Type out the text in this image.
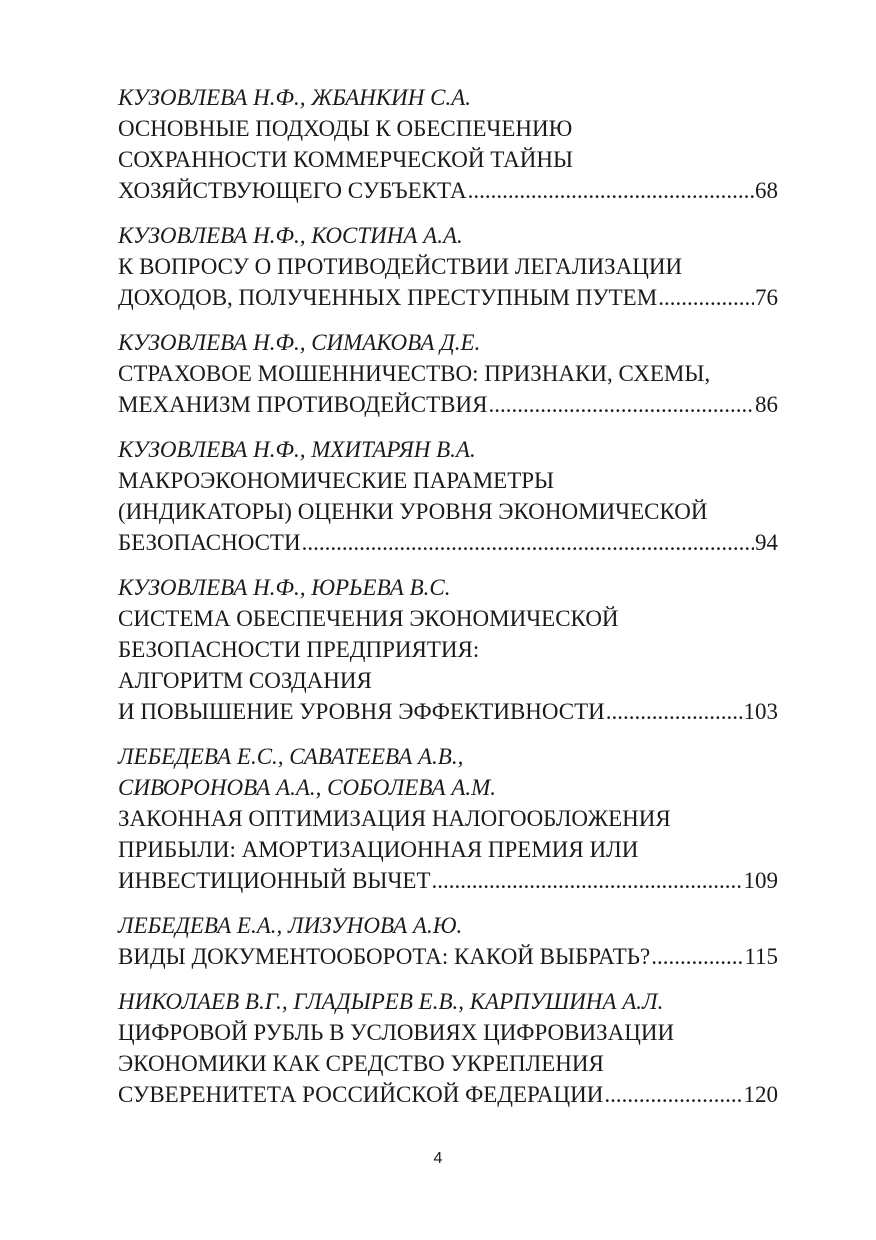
КУЗОВЛЕВА Н.Ф., ЖБАНКИН С.А.
ОСНОВНЫЕ ПОДХОДЫ К ОБЕСПЕЧЕНИЮ
СОХРАННОСТИ КОММЕРЧЕСКОЙ ТАЙНЫ
ХОЗЯЙСТВУЮЩЕГО СУБЪЕКТА .....	68
КУЗОВЛЕВА Н.Ф., КОСТИНА А.А.
К ВОПРОСУ О ПРОТИВОДЕЙСТВИИ ЛЕГАЛИЗАЦИИ
ДОХОДОВ, ПОЛУЧЕННЫХ ПРЕСТУПНЫМ ПУТЕМ .....	76
КУЗОВЛЕВА Н.Ф., СИМАКОВА Д.Е.
СТРАХОВОЕ МОШЕННИЧЕСТВО: ПРИЗНАКИ, СХЕМЫ,
МЕХАНИЗМ ПРОТИВОДЕЙСТВИЯ .....	86
КУЗОВЛЕВА Н.Ф., МХИТАРЯН В.А.
МАКРОЭКОНОМИЧЕСКИЕ ПАРАМЕТРЫ
(ИНДИКАТОРЫ) ОЦЕНКИ УРОВНЯ ЭКОНОМИЧЕСКОЙ
БЕЗОПАСНОСТИ .....	94
КУЗОВЛЕВА Н.Ф., ЮРЬЕВА В.С.
СИСТЕМА ОБЕСПЕЧЕНИЯ ЭКОНОМИЧЕСКОЙ
БЕЗОПАСНОСТИ ПРЕДПРИЯТИЯ:
АЛГОРИТМ СОЗДАНИЯ
И ПОВЫШЕНИЕ УРОВНЯ ЭФФЕКТИВНОСТИ .....	103
ЛЕБЕДЕВА Е.С., САВАТЕЕВА А.В.,
СИВОРОНОВА А.А., СОБОЛЕВА А.М.
ЗАКОННАЯ ОПТИМИЗАЦИЯ НАЛОГООБЛОЖЕНИЯ
ПРИБЫЛИ: АМОРТИЗАЦИОННАЯ ПРЕМИЯ ИЛИ
ИНВЕСТИЦИОННЫЙ ВЫЧЕТ .....	109
ЛЕБЕДЕВА Е.А., ЛИЗУНОВА А.Ю.
ВИДЫ ДОКУМЕНТООБОРОТА: КАКОЙ ВЫБРАТЬ? .....	115
НИКОЛАЕВ В.Г., ГЛАДЫРЕВ Е.В., КАРПУШИНА А.Л.
ЦИФРОВОЙ РУБЛЬ В УСЛОВИЯХ ЦИФРОВИЗАЦИИ
ЭКОНОМИКИ КАК СРЕДСТВО УКРЕПЛЕНИЯ
СУВЕРЕНИТЕТА РОССИЙСКОЙ ФЕДЕРАЦИИ .....	120
4
